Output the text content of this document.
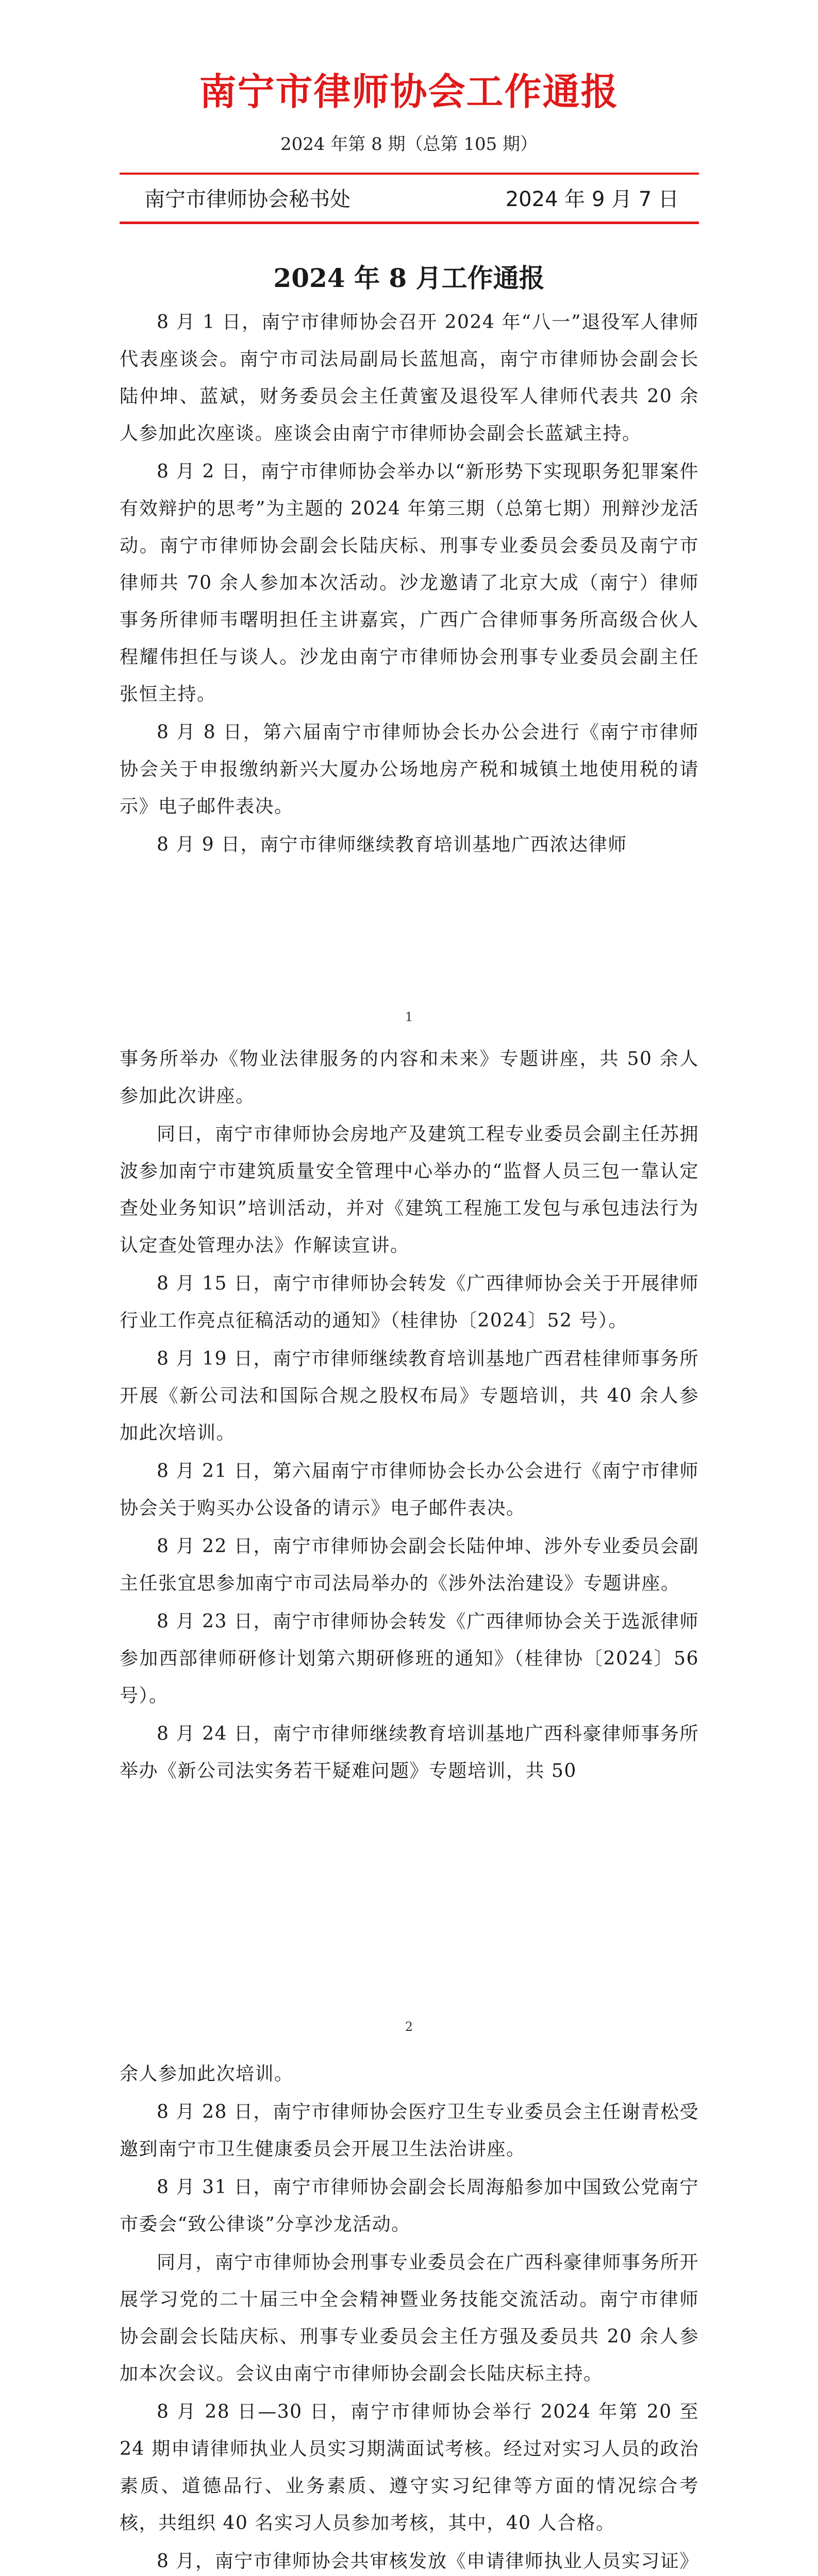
南宁市律师协会工作通报
2024 年第 8 期（总第 105 期）
南宁市律师协会秘书处	2024 年 9 月 7 日
2024 年 8 月工作通报

8 月 1 日，南宁市律师协会召开 2024 年“八一”退役军人律师代表座谈会。南宁市司法局副局长蓝旭高，南宁市律师协会副会长陆仲坤、蓝斌，财务委员会主任黄蜜及退役军人律师代表共 20 余人参加此次座谈。座谈会由南宁市律师协会副会长蓝斌主持。

8 月 2 日，南宁市律师协会举办以“新形势下实现职务犯罪案件有效辩护的思考”为主题的 2024 年第三期（总第七期）刑辩沙龙活动。南宁市律师协会副会长陆庆标、刑事专业委员会委员及南宁市律师共 70 余人参加本次活动。沙龙邀请了北京大成（南宁）律师事务所律师韦曙明担任主讲嘉宾，广西广合律师事务所高级合伙人程耀伟担任与谈人。沙龙由南宁市律师协会刑事专业委员会副主任张恒主持。

8 月 8 日，第六届南宁市律师协会长办公会进行《南宁市律师协会关于申报缴纳新兴大厦办公场地房产税和城镇土地使用税的请示》电子邮件表决。

8 月 9 日，南宁市律师继续教育培训基地广西浓达律师

1

事务所举办《物业法律服务的内容和未来》专题讲座，共 50 余人参加此次讲座。

同日，南宁市律师协会房地产及建筑工程专业委员会副主任苏拥波参加南宁市建筑质量安全管理中心举办的“监督人员三包一靠认定查处业务知识”培训活动，并对《建筑工程施工发包与承包违法行为认定查处管理办法》作解读宣讲。

8 月 15 日，南宁市律师协会转发《广西律师协会关于开展律师行业工作亮点征稿活动的通知》（桂律协〔2024〕52 号）。

8 月 19 日，南宁市律师继续教育培训基地广西君桂律师事务所开展《新公司法和国际合规之股权布局》专题培训，共 40 余人参加此次培训。

8 月 21 日，第六届南宁市律师协会长办公会进行《南宁市律师协会关于购买办公设备的请示》电子邮件表决。

8 月 22 日，南宁市律师协会副会长陆仲坤、涉外专业委员会副主任张宜思参加南宁市司法局举办的《涉外法治建设》专题讲座。

8 月 23 日，南宁市律师协会转发《广西律师协会关于选派律师参加西部律师研修计划第六期研修班的通知》（桂律协〔2024〕56 号）。

8 月 24 日，南宁市律师继续教育培训基地广西科豪律师事务所举办《新公司法实务若干疑难问题》专题培训，共 50

2

余人参加此次培训。

8 月 28 日，南宁市律师协会医疗卫生专业委员会主任谢青松受邀到南宁市卫生健康委员会开展卫生法治讲座。

8 月 31 日，南宁市律师协会副会长周海船参加中国致公党南宁市委会“致公律谈”分享沙龙活动。

同月，南宁市律师协会刑事专业委员会在广西科豪律师事务所开展学习党的二十届三中全会精神暨业务技能交流活动。南宁市律师协会副会长陆庆标、刑事专业委员会主任方强及委员共 20 余人参加本次会议。会议由南宁市律师协会副会长陆庆标主持。

8 月 28 日—30 日，南宁市律师协会举行 2024 年第 20 至 24 期申请律师执业人员实习期满面试考核。经过对实习人员的政治素质、道德品行、业务素质、遵守实习纪律等方面的情况综合考核，共组织 40 名实习人员参加考核，其中，40 人合格。

8 月，南宁市律师协会共审核发放《申请律师执业人员实习证》
